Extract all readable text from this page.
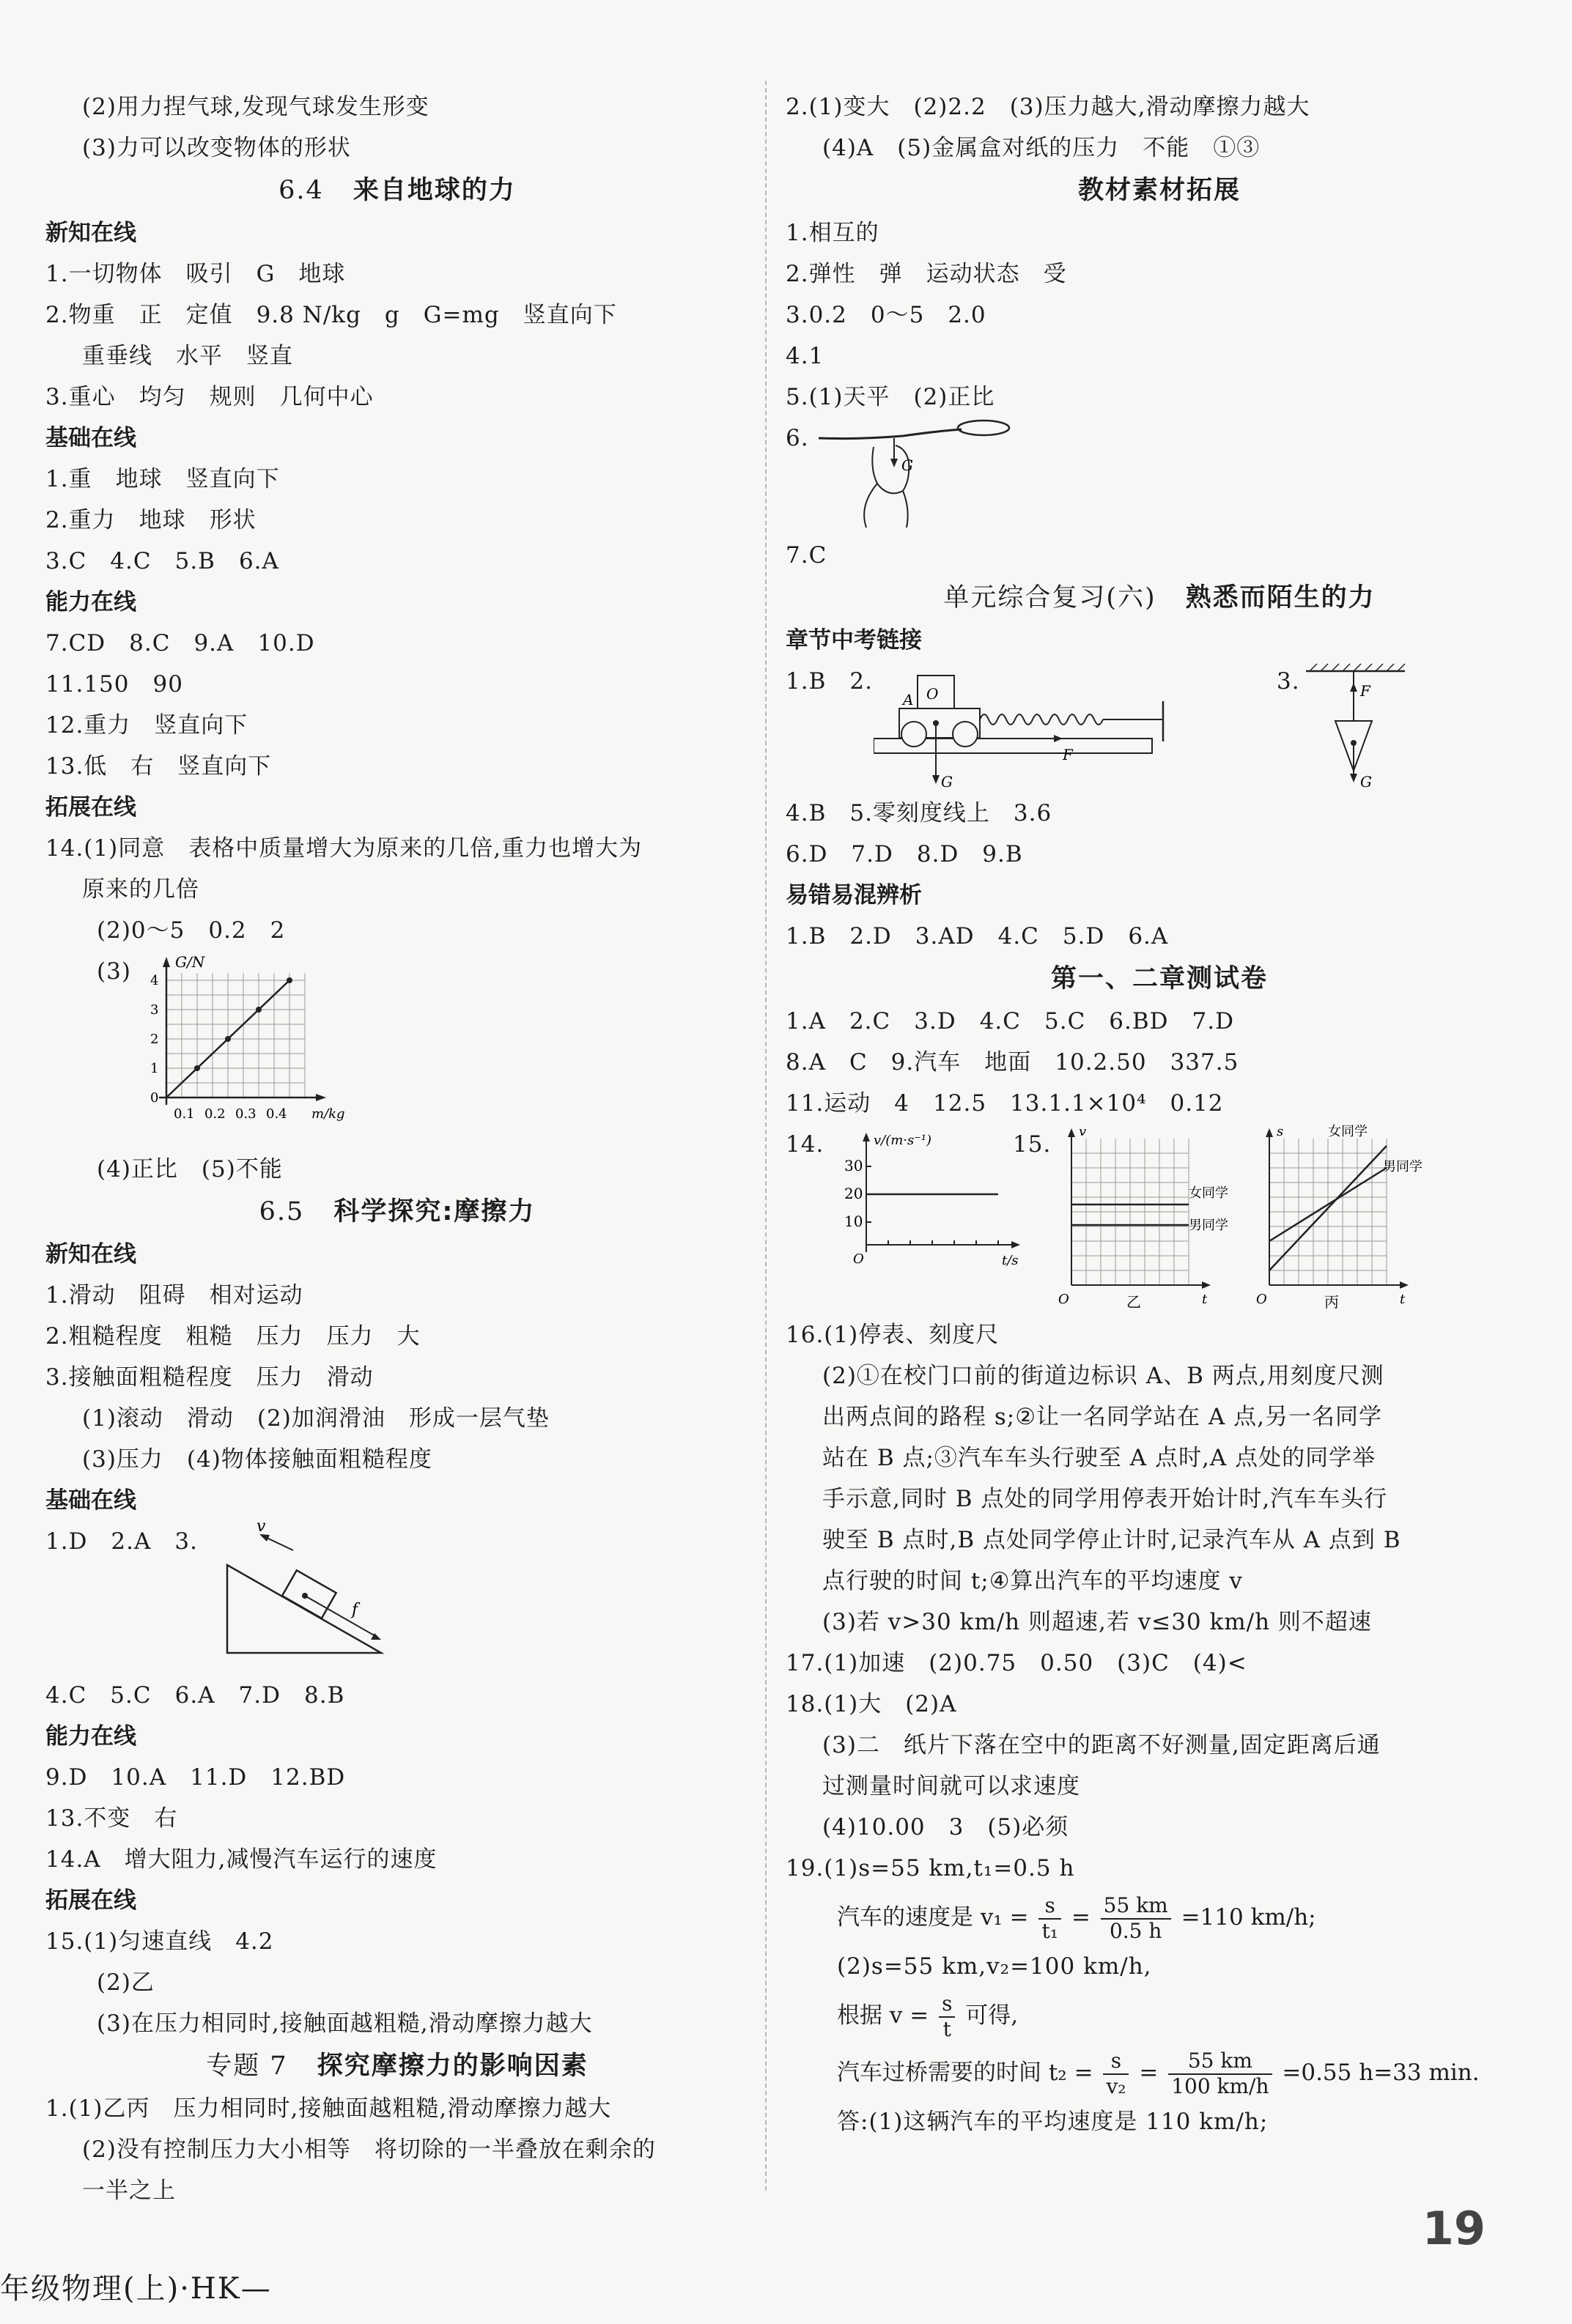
(2)用力捏气球,发现气球发生形变
(3)力可以改变物体的形状
6.4 来自地球的力
新知在线
1.一切物体　吸引　G　地球
2.物重　正　定值　9.8 N/kg　g　G=mg　竖直向下
重垂线　水平　竖直
3.重心　均匀　规则　几何中心
基础在线
1.重　地球　竖直向下
2.重力　地球　形状
3.C　4.C　5.B　6.A
能力在线
7.CD　8.C　9.A　10.D
11.150　90
12.重力　竖直向下
13.低　右　竖直向下
拓展在线
14.(1)同意　表格中质量增大为原来的几倍,重力也增大为
原来的几倍
(2)0～5　0.2　2
(3)	G/N
m/kg
0
1
2
3
4
0.1 0.2 0.3 0.4
(4)正比　(5)不能
6.5 科学探究:摩擦力
新知在线
1.滑动　阻碍　相对运动
2.粗糙程度　粗糙　压力　压力　大
3.接触面粗糙程度　压力　滑动
(1)滚动　滑动　(2)加润滑油　形成一层气垫
(3)压力　(4)物体接触面粗糙程度
基础在线
1.D　2.A　3.
v
f
4.C　5.C　6.A　7.D　8.B
能力在线
9.D　10.A　11.D　12.BD
13.不变　右
14.A　增大阻力,减慢汽车运行的速度
拓展在线
15.(1)匀速直线　4.2
(2)乙
(3)在压力相同时,接触面越粗糙,滑动摩擦力越大
专题 7 探究摩擦力的影响因素
1.(1)乙丙　压力相同时,接触面越粗糙,滑动摩擦力越大
(2)没有控制压力大小相等　将切除的一半叠放在剩余的
一半之上
2.(1)变大　(2)2.2　(3)压力越大,滑动摩擦力越大
(4)A　(5)金属盒对纸的压力　不能　①③
教材素材拓展
1.相互的
2.弹性　弹　运动状态　受
3.0.2　0～5　2.0
4.1
5.(1)天平　(2)正比
6.
G
7.C
单元综合复习(六) 熟悉而陌生的力
章节中考链接
1.B　2.
A O
F
G
3.	F
G
4.B　5.零刻度线上　3.6
6.D　7.D　8.D　9.B
易错易混辨析
1.B　2.D　3.AD　4.C　5.D　6.A
第一、二章测试卷
1.A　2.C　3.D　4.C　5.C　6.BD　7.D
8.A　C　9.汽车　地面　10.2.50　337.5
11.运动　4　12.5　13.1.1×10⁴　0.12
14.	v/(m·s⁻¹)
t/s
O
10
20
30
15. v
t
O
女同学
男同学
乙
s
t
O
女同学
男同学
丙
16.(1)停表、刻度尺
(2)①在校门口前的街道边标识 A、B 两点,用刻度尺测
出两点间的路程 s;②让一名同学站在 A 点,另一名同学
站在 B 点;③汽车车头行驶至 A 点时,A 点处的同学举
手示意,同时 B 点处的同学用停表开始计时,汽车车头行
驶至 B 点时,B 点处同学停止计时,记录汽车从 A 点到 B
点行驶的时间 t;④算出汽车的平均速度 v
(3)若 v>30 km/h 则超速,若 v≤30 km/h 则不超速
17.(1)加速　(2)0.75　0.50　(3)C　(4)<
18.(1)大　(2)A
(3)二　纸片下落在空中的距离不好测量,固定距离后通
过测量时间就可以求速度
(4)10.00　3　(5)必须
19.(1)s=55 km,t₁=0.5 h
汽车的速度是 $v_1 = \frac{s}{\text{t₁}} = \frac{55 km}{0.5 h} =110$ km/h;
(2)s=55 km,v₂=100 km/h,
根据 $v = \frac{s}{t}$ 可得,
汽车过桥需要的时间 $t_2 = \frac{s}{\text{v₂}} = \frac{55 km}{100 km/h} =0.55$ h=33 min.
答:(1)这辆汽车的平均速度是 110 km/h;
年级物理(上)·HK—
19
